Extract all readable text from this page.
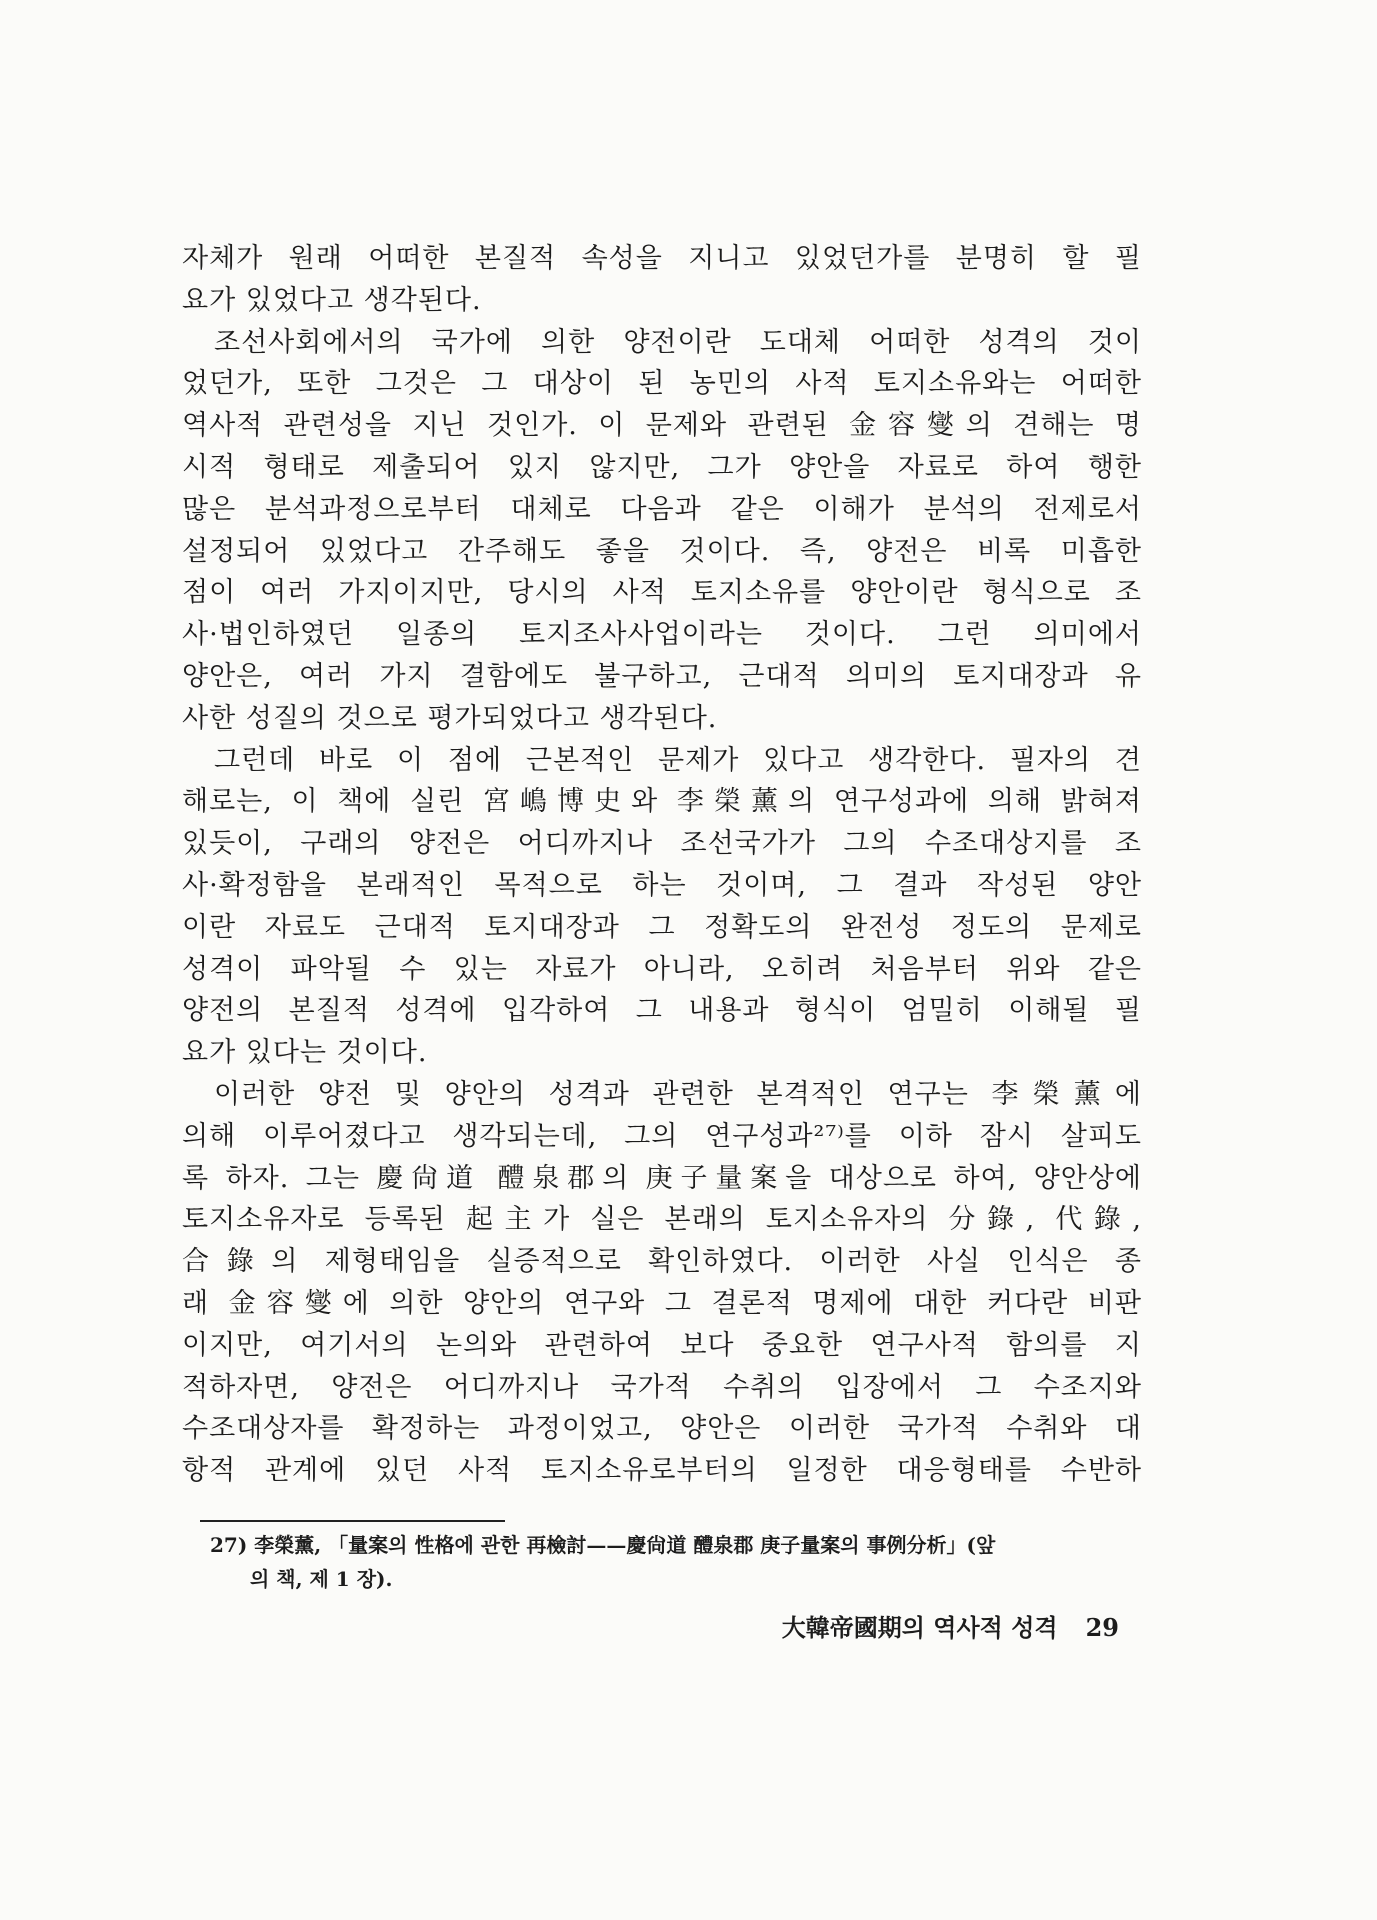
자체가 원래 어떠한 본질적 속성을 지니고 있었던가를 분명히 할 필
요가 있었다고 생각된다.
조선사회에서의 국가에 의한 양전이란 도대체 어떠한 성격의 것이
었던가, 또한 그것은 그 대상이 된 농민의 사적 토지소유와는 어떠한
역사적 관련성을 지닌 것인가. 이 문제와 관련된 金容燮의 견해는 명
시적 형태로 제출되어 있지 않지만, 그가 양안을 자료로 하여 행한
많은 분석과정으로부터 대체로 다음과 같은 이해가 분석의 전제로서
설정되어 있었다고 간주해도 좋을 것이다. 즉, 양전은 비록 미흡한
점이 여러 가지이지만, 당시의 사적 토지소유를 양안이란 형식으로 조
사·법인하였던 일종의 토지조사사업이라는 것이다. 그런 의미에서
양안은, 여러 가지 결함에도 불구하고, 근대적 의미의 토지대장과 유
사한 성질의 것으로 평가되었다고 생각된다.
그런데 바로 이 점에 근본적인 문제가 있다고 생각한다. 필자의 견
해로는, 이 책에 실린 宮嶋博史와 李榮薰의 연구성과에 의해 밝혀져
있듯이, 구래의 양전은 어디까지나 조선국가가 그의 수조대상지를 조
사·확정함을 본래적인 목적으로 하는 것이며, 그 결과 작성된 양안
이란 자료도 근대적 토지대장과 그 정확도의 완전성 정도의 문제로
성격이 파악될 수 있는 자료가 아니라, 오히려 처음부터 위와 같은
양전의 본질적 성격에 입각하여 그 내용과 형식이 엄밀히 이해될 필
요가 있다는 것이다.
이러한 양전 및 양안의 성격과 관련한 본격적인 연구는 李榮薰에
의해 이루어졌다고 생각되는데, 그의 연구성과²⁷⁾를 이하 잠시 살피도
록 하자. 그는 慶尙道 醴泉郡의 庚子量案을 대상으로 하여, 양안상에
토지소유자로 등록된 起主가 실은 본래의 토지소유자의 分錄, 代錄,
合錄의 제형태임을 실증적으로 확인하였다. 이러한 사실 인식은 종
래 金容燮에 의한 양안의 연구와 그 결론적 명제에 대한 커다란 비판
이지만, 여기서의 논의와 관련하여 보다 중요한 연구사적 함의를 지
적하자면, 양전은 어디까지나 국가적 수취의 입장에서 그 수조지와
수조대상자를 확정하는 과정이었고, 양안은 이러한 국가적 수취와 대
항적 관계에 있던 사적 토지소유로부터의 일정한 대응형태를 수반하
27) 李榮薰, 「量案의 性格에 관한 再檢討——慶尙道 醴泉郡 庚子量案의 事例分析」(앞
의 책, 제 1 장).
大韓帝國期의 역사적 성격 29
